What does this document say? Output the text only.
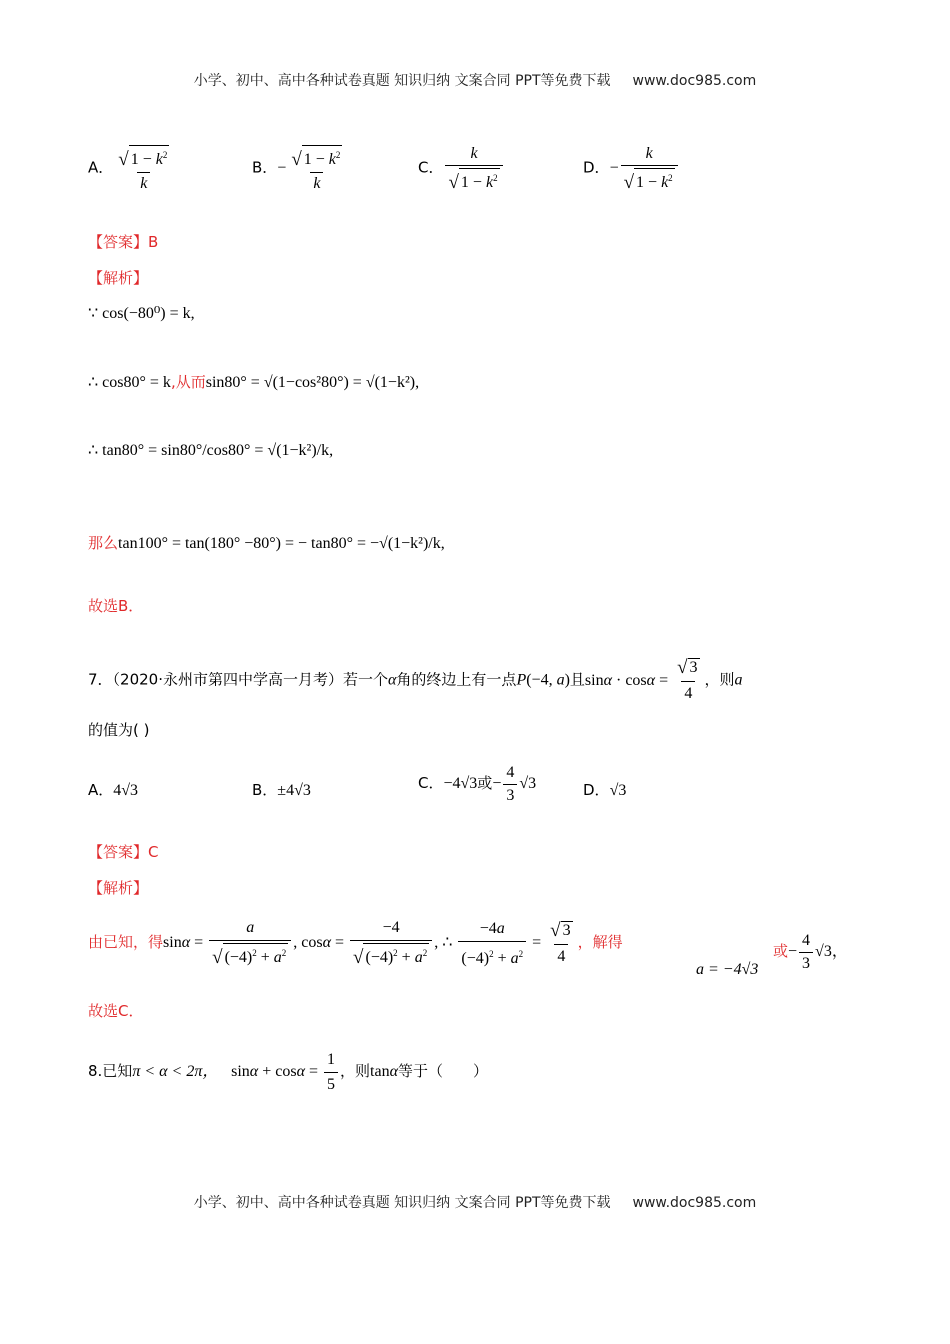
小学、初中、高中各种试卷真题 知识归纳 文案合同 PPT等免费下载 www.doc985.com
A． $\frac{√ 1 - k^2}{k}$	B．− $\frac{√ 1 - k^2}{k}$	C． $\frac{k}{√ 1 - k^2}$	D．− $\frac{k}{√ 1 - k^2}$
【答案】B
【解析】
∵ cos(−80⁰) = k,
∴ cos80° = k,从而sin80° = √(1−cos²80°) = √(1−k²),
∴ tan80° = sin80°/cos80° = √(1−k²)/k,
那么tan100° = tan(180° −80°) = − tan80° = −√(1−k²)/k,
故选B．
7．（2020·永州市第四中学高一月考）若一个α角的终边上有一点P(−4, a)且$\sin\alpha \cdot \cos\alpha = \frac{√ 3}{4}$ ，则a
的值为( )
A．4√3	B．±4√3	C．−4√3或− $\frac{4}{3} √3$	D．√3
【答案】C
【解析】
由已知，得$\sin\alpha = \frac{a}{√ (-4)^2 + a^2}$ , $\cos\alpha = \frac{-4}{√ (-4)^2 + a^2}$ , ∴ $\frac{-4a}{(-4)^2 + a^2} = \frac{√ 3}{4}$ ，解得
a = −4√3
或− $\frac{4}{3} √3$，
故选C．
8.已知π < α < 2π， $\sin\alpha + \cos\alpha = \frac{1}{5}$ ，则tanα等于（　　）
小学、初中、高中各种试卷真题 知识归纳 文案合同 PPT等免费下载 www.doc985.com
